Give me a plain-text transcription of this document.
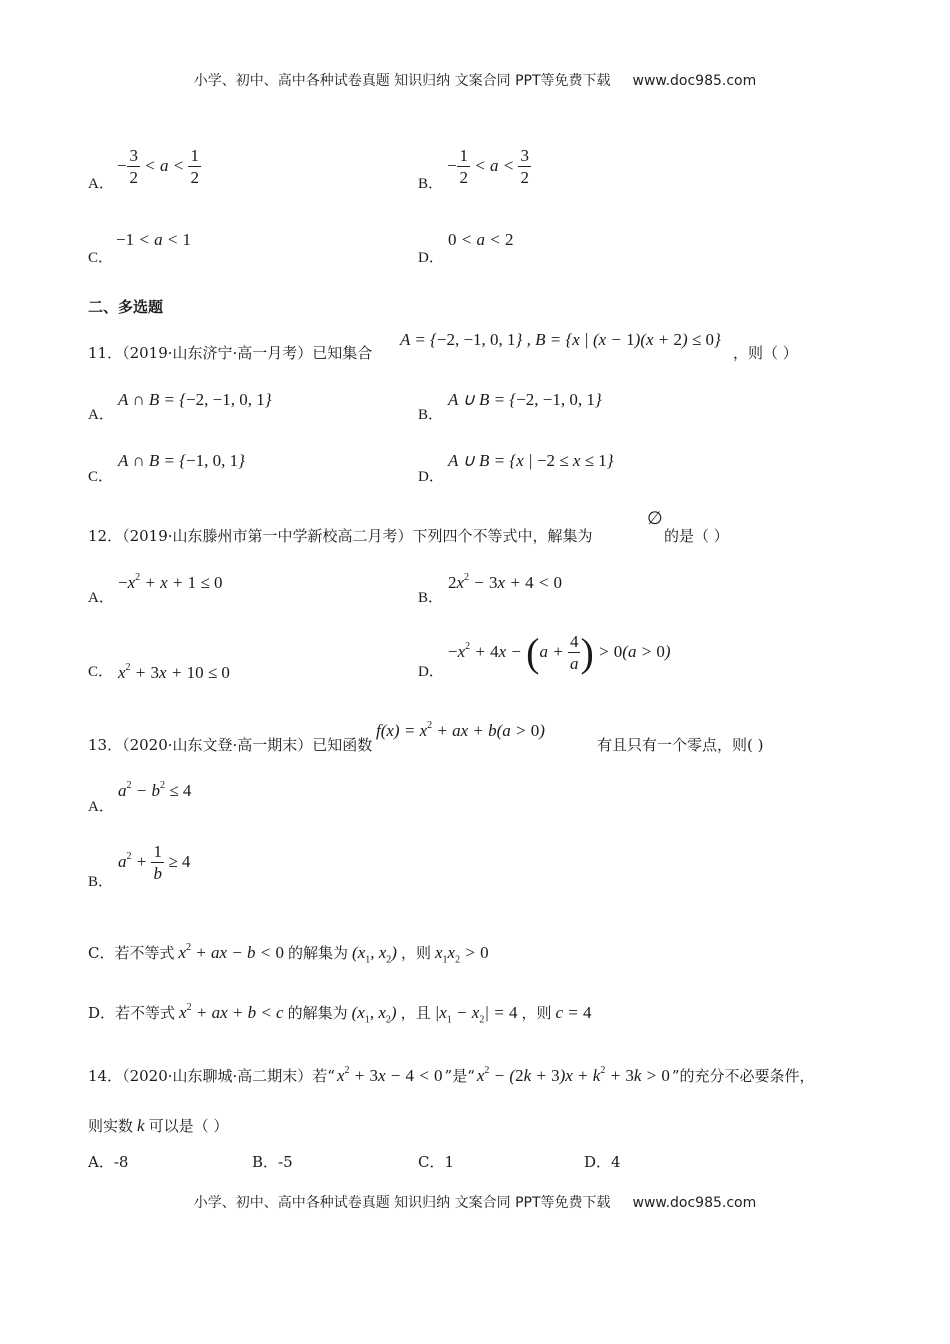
小学、初中、高中各种试卷真题 知识归纳 文案合同 PPT等免费下载 www.doc985.com
A．
− $\frac{3}{2} < a < \frac{1}{2}$	B．
− $\frac{1}{2} < a < \frac{3}{2}$
C．
−1 < a < 1
D．
0 < a < 2
二、多选题
11．（2019·山东济宁·高一月考）已知集合
A = {−2, −1, 0, 1} , B = {x | (x − 1)(x + 2) ≤ 0}
，则（ ）
A．
A ∩ B = {−2, −1, 0, 1}
B．
A ∪ B = {−2, −1, 0, 1}
C．
A ∩ B = {−1, 0, 1}
D．
A ∪ B = {x | −2 ≤ x ≤ 1}
12．（2019·山东滕州市第一中学新校高二月考）下列四个不等式中，解集为
∅
的是（ ）
A．
$-x^2 + x + 1 \le 0$
B．
$2x^2 - 3x + 4 < 0$
C． $x^2 + 3x + 10 \le 0$	D．
$-x^2 + 4x - (a + \frac{4}{a}$ ) > 0(a > 0)
13．（2020·山东文登·高一期末）已知函数
$f(x) = x^2$ + ax + b(a > 0)
有且只有一个零点，则( )
A．
$a^2 - b^2 \le 4$
B．
$a^2 + \frac{1}{b} \ge 4$
C．若不等式 $x^2$ + ax − b < 0 的解集为 ($x_1$, $x_2$) ，则 $x_1x_2 > 0$
D．若不等式 $x^2$ + ax + b < c 的解集为 ($x_1$, $x_2$) ，且 $|x_1 - x_2| = 4$ ，则 c = 4
14．（2020·山东聊城·高二期末）若“ $x^2 + 3x - 4 < 0$ ”是“ $x^2 - (2k + 3)x + k^2 + 3k > 0$ ”的充分不必要条件，
则实数 k 可以是（ ）
A．-8	B．-5	C．1	D．4
小学、初中、高中各种试卷真题 知识归纳 文案合同 PPT等免费下载 www.doc985.com
